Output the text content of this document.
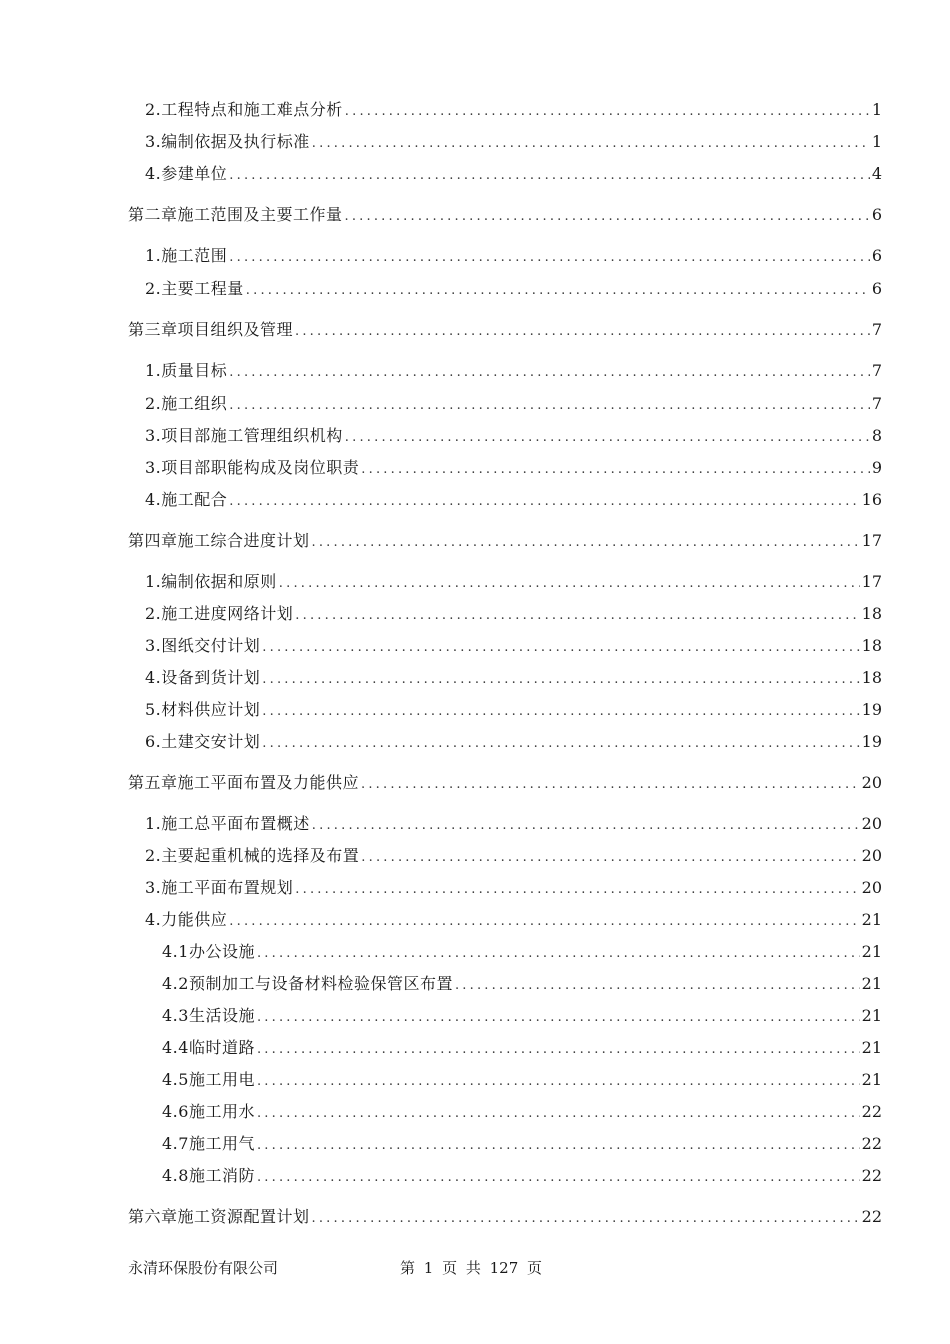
2.工程特点和施工难点分析 .....	1
3.编制依据及执行标准 .....	1
4.参建单位 .....	4
第二章施工范围及主要工作量 .....	6
1.施工范围 .....	6
2.主要工程量 .....	6
第三章项目组织及管理 .....	7
1.质量目标 .....	7
2.施工组织 .....	7
3.项目部施工管理组织机构 .....	8
3.项目部职能构成及岗位职责 .....	9
4.施工配合 .....	16
第四章施工综合进度计划 .....	17
1.编制依据和原则 .....	17
2.施工进度网络计划 .....	18
3.图纸交付计划 .....	18
4.设备到货计划 .....	18
5.材料供应计划 .....	19
6.土建交安计划 .....	19
第五章施工平面布置及力能供应 .....	20
1.施工总平面布置概述 .....	20
2.主要起重机械的选择及布置 .....	20
3.施工平面布置规划 .....	20
4.力能供应 .....	21
4.1办公设施 .....	21
4.2预制加工与设备材料检验保管区布置 .....	21
4.3生活设施 .....	21
4.4临时道路 .....	21
4.5施工用电 .....	21
4.6施工用水 .....	22
4.7施工用气 .....	22
4.8施工消防 .....	22
第六章施工资源配置计划 .....	22
永清环保股份有限公司	第 1 页 共 127 页
